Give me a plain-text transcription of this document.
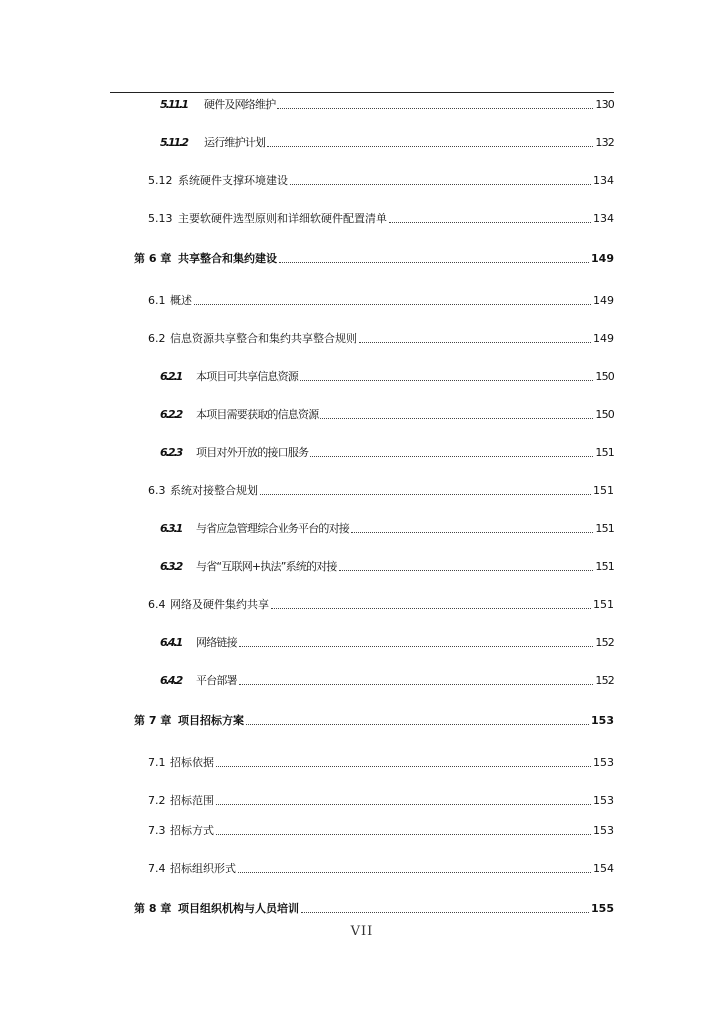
5.11.1	硬件及网络维护	130
5.11.2	运行维护计划	132
5.12 系统硬件支撑环境建设	134
5.13 主要软硬件选型原则和详细软硬件配置清单	134
第 6 章 共享整合和集约建设	149
6.1 概述	149
6.2 信息资源共享整合和集约共享整合规则	149
6.2.1	本项目可共享信息资源	150
6.2.2	本项目需要获取的信息资源	150
6.2.3	项目对外开放的接口服务	151
6.3 系统对接整合规划	151
6.3.1	与省应急管理综合业务平台的对接	151
6.3.2	与省“互联网+执法”系统的对接	151
6.4 网络及硬件集约共享	151
6.4.1	网络链接	152
6.4.2	平台部署	152
第 7 章 项目招标方案	153
7.1 招标依据	153
7.2 招标范围	153
7.3 招标方式	153
7.4 招标组织形式	154
第 8 章 项目组织机构与人员培训	155
VII
